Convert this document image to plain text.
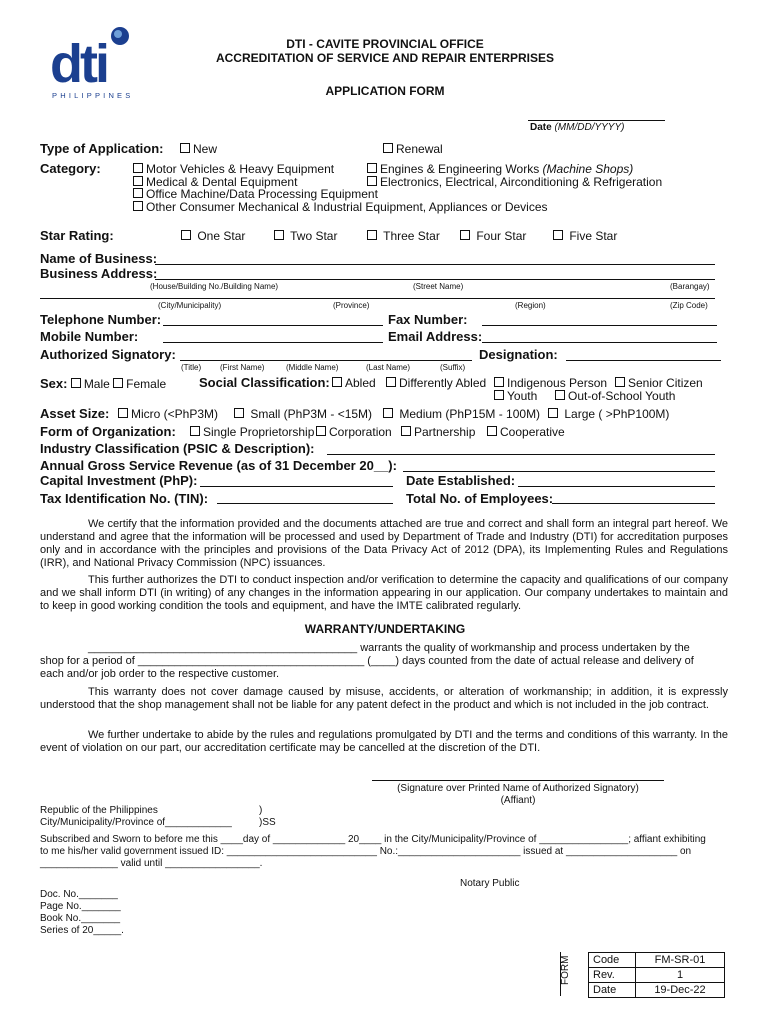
dti
PHILIPPINES
DTI - CAVITE PROVINCIAL OFFICE
ACCREDITATION OF SERVICE AND REPAIR ENTERPRISES
APPLICATION FORM
Date (MM/DD/YYYY)
Type of Application:	New	Renewal
Category:	Motor Vehicles & Heavy Equipment	Engines & Engineering Works (Machine Shops)
Medical & Dental Equipment	Electronics, Electrical, Airconditioning & Refrigeration
Office Machine/Data Processing Equipment
Other Consumer Mechanical & Industrial Equipment, Appliances or Devices
Star Rating:	One Star	Two Star	Three Star	Four Star	Five Star
Name of Business:
Business Address:
(House/Building No./Building Name)	(Street Name)	(Barangay)
(City/Municipality)	(Province)	(Region)	(Zip Code)
Telephone Number:	Fax Number:
Mobile Number:	Email Address:
Authorized Signatory:	Designation:
(Title) (First Name)	(Middle Name)	(Last Name)	(Suffix)
Sex: Male Female	Social Classification:	Abled	Differently Abled	Indigenous Person	Senior Citizen
Youth	Out-of-School Youth
Asset Size:	Micro (<PhP3M)	Small (PhP3M - <15M)	Medium (PhP15M - 100M)	Large ( >PhP100M)
Form of Organization:	Single Proprietorship	Corporation	Partnership	Cooperative
Industry Classification (PSIC & Description):
Annual Gross Service Revenue (as of 31 December 20__):
Capital Investment (PhP):	Date Established:
Tax Identification No. (TIN):	Total No. of Employees:
We certify that the information provided and the documents attached are true and correct and shall form an integral part hereof. We understand and agree that the information will be processed and used by Department of Trade and Industry (DTI) for accreditation purposes only and in accordance with the principles and provisions of the Data Privacy Act of 2012 (DPA), its Implementing Rules and Regulations (IRR), and National Privacy Commission (NPC) issuances.
This further authorizes the DTI to conduct inspection and/or verification to determine the capacity and qualifications of our company and we shall inform DTI (in writing) of any changes in the information appearing in our application. Our company undertakes to maintain and to keep in good working condition the tools and equipment, and have the IMTE calibrated regularly.
WARRANTY/UNDERTAKING
____________________________________________ warrants the quality of workmanship and process undertaken by the
shop for a period of _____________________________________ (____) days counted from the date of actual release and delivery of
each and/or job order to the respective customer.
This warranty does not cover damage caused by misuse, accidents, or alteration of workmanship; in addition, it is expressly understood that the shop management shall not be liable for any patent defect in the product and which is not included in the job contract.
We further undertake to abide by the rules and regulations promulgated by DTI and the terms and conditions of this warranty. In the event of violation on our part, our accreditation certificate may be cancelled at the discretion of the DTI.
(Signature over Printed Name of Authorized Signatory)
(Affiant)
Republic of the Philippines	)
City/Municipality/Province of____________	)SS
Subscribed and Sworn to before me this ____day of _____________ 20____ in the City/Municipality/Province of ________________; affiant exhibiting
to me his/her valid government issued ID: ___________________________ No.:______________________ issued at ____________________ on
______________ valid until _________________.
Notary Public
Doc. No._______
Page No._______
Book No._______
Series of 20_____.
FORM Code	FM-SR-01
Rev.	1
Date	19-Dec-22
